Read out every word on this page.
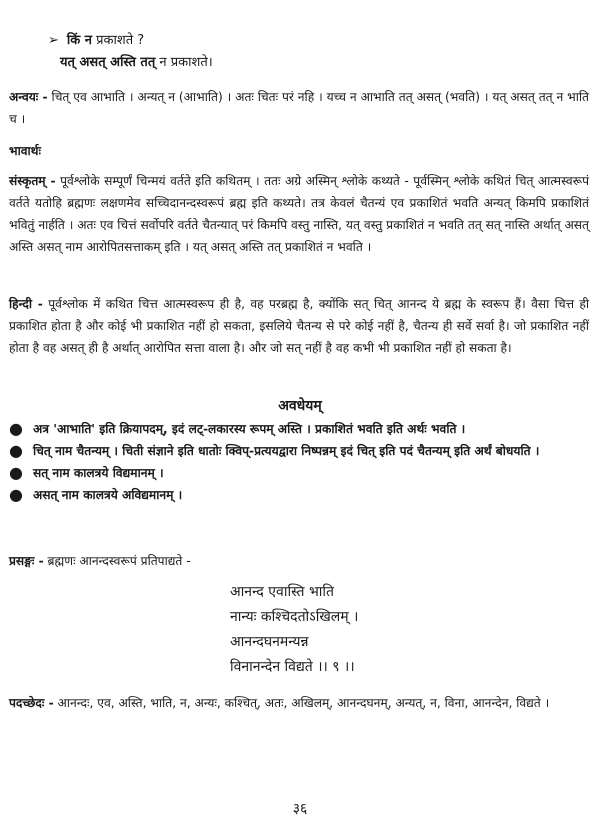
➢ किं न प्रकाशते ?
यत् असत् अस्ति तत् न प्रकाशते।
अन्वयः - चित् एव आभाति । अन्यत् न (आभाति) । अतः चितः परं नहि । यच्च न आभाति तत् असत् (भवति) । यत् असत् तत् न भाति च ।
भावार्थः
संस्कृतम् - पूर्वश्लोके सम्पूर्णं चिन्मयं वर्तते इति कथितम् । ततः अग्रे अस्मिन् श्लोके कथ्यते - पूर्वस्मिन् श्लोके कथितं चित् आत्मस्वरूपं वर्तते यतोहि ब्रह्मणः लक्षणमेव सच्चिदानन्दस्वरूपं ब्रह्म इति कथ्यते। तत्र केवलं चैतन्यं एव प्रकाशितं भवति अन्यत् किमपि प्रकाशितं भवितुं नार्हति । अतः एव चित्तं सर्वोपरि वर्तते चैतन्यात् परं किमपि वस्तु नास्ति, यत् वस्तु प्रकाशितं न भवति तत् सत् नास्ति अर्थात् असत् अस्ति असत् नाम आरोपितसत्ताकम् इति । यत् असत् अस्ति तत् प्रकाशितं न भवति ।
हिन्दी - पूर्वश्लोक में कथित चित्त आत्मस्वरूप ही है, वह परब्रह्म है, क्योंकि सत् चित् आनन्द ये ब्रह्म के स्वरूप हैं। वैसा चित्त ही प्रकाशित होता है और कोई भी प्रकाशित नहीं हो सकता, इसलिये चैतन्य से परे कोई नहीं है, चैतन्य ही सर्वे सर्वा है। जो प्रकाशित नहीं होता है वह असत् ही है अर्थात् आरोपित सत्ता वाला है। और जो सत् नहीं है वह कभी भी प्रकाशित नहीं हो सकता है।
अवधेयम्
● अत्र 'आभाति' इति क्रियापदम्, इदं लट्-लकारस्य रूपम् अस्ति । प्रकाशितं भवति इति अर्थः भवति ।
● चित् नाम चैतन्यम् । चिती संज्ञाने इति धातोः क्विप्-प्रत्ययद्वारा निष्पन्नम् इदं चित् इति पदं चैतन्यम् इति अर्थं बोधयति ।
● सत् नाम कालत्रये विद्यमानम् ।
● असत् नाम कालत्रये अविद्यमानम् ।
प्रसङ्गः - ब्रह्मणः आनन्दस्वरूपं प्रतिपाद्यते -
आनन्द एवास्ति भाति
नान्यः कश्चिदतोऽखिलम् ।
आनन्दघनमन्यन्न
विनानन्देन विद्यते ।। ९ ।।
पदच्छेदः - आनन्दः, एव, अस्ति, भाति, न, अन्यः, कश्चित्, अतः, अखिलम्, आनन्दघनम्, अन्यत्, न, विना, आनन्देन, विद्यते ।
३६
